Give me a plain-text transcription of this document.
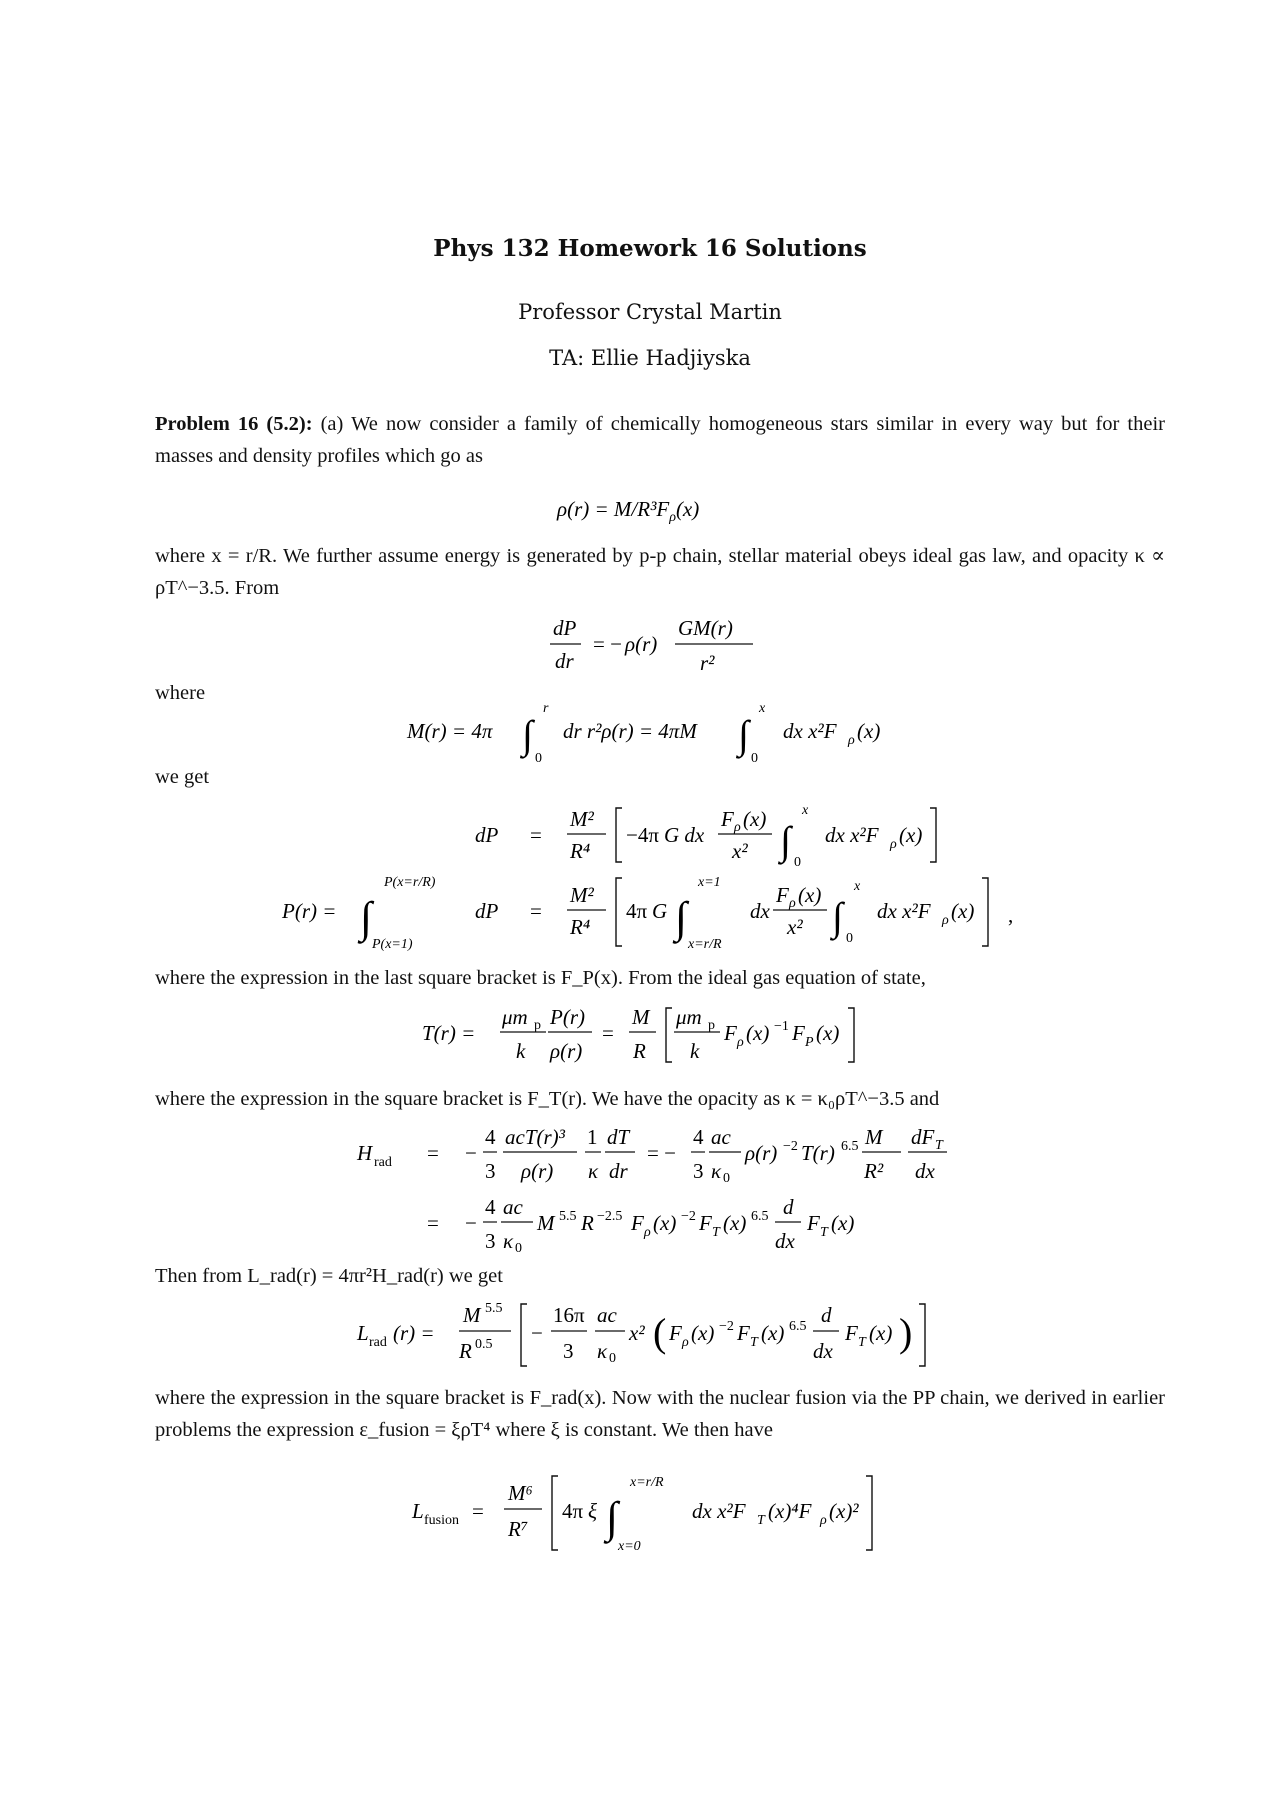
Phys 132 Homework 16 Solutions
Professor Crystal Martin
TA: Ellie Hadjiyska
Problem 16 (5.2): (a) We now consider a family of chemically homogeneous stars similar in every way but for their masses and density profiles which go as
$\rho(r) = M/R^3F_\rho(x)$
where x = r/R. We further assume energy is generated by p-p chain, stellar material obeys ideal gas law, and opacity κ ∝ ρT^−3.5. From
dP
dr
= − ρ(r)
GM(r)
r²
where
M(r) = 4π ∫
r
0
dr r²ρ(r) = 4πM ∫
x
0
dx x²F ρ (x)
we get
dP =
M²
R⁴
−4π G dx
F ρ (x)
x² ∫
x
0
dx x²F ρ (x)
P(r) = ∫
P(x=r/R)
P(x=1)
dP =
M²
R⁴
4π G ∫
x=1
x=r/R
dx
F ρ (x)
x² ∫
x
0
dx x²F ρ (x) ,
where the expression in the last square bracket is F_P(x). From the ideal gas equation of state,
T(r) =
μm p
k
P(r)
ρ(r)
=
M
R
μm p
k
F ρ (x) −1 F P (x)
where the expression in the square bracket is F_T(r). We have the opacity as κ = κ₀ρT^−3.5 and
H rad = −
4
3
acT(r)³
ρ(r)
1
κ
dT
dr
= −
4
3
ac
κ 0
ρ(r) −2 T(r) 6.5 M
R²
dF T
dx
= −
4
3
ac
κ 0
M 5.5 R −2.5 F ρ (x) −2 F T (x) 6.5 d
dx
F T (x)
Then from L_rad(r) = 4πr²H_rad(r) we get
L rad (r) =
M 5.5
R 0.5 −
16π
3
ac
κ 0
x² ( F ρ (x) −2 F T (x) 6.5 d
dx
F T (x) )
where the expression in the square bracket is F_rad(x). Now with the nuclear fusion via the PP chain, we derived in earlier problems the expression ε_fusion = ξρT⁴ where ξ is constant. We then have
L fusion =
M⁶
R⁷
4π ξ ∫
x=r/R
x=0
dx x²F T (x)⁴F ρ (x)²
